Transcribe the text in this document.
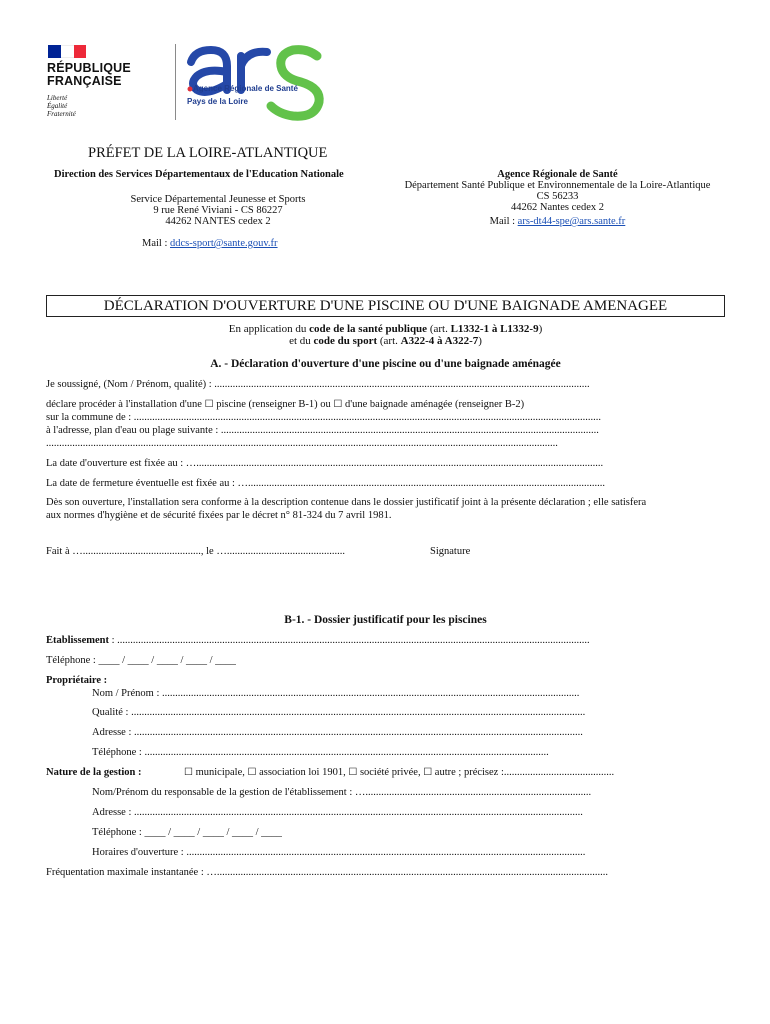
RÉPUBLIQUE
FRANÇAISE
Liberté
Égalité
Fraternité
Agence Régionale de Santé
Pays de la Loire
PRÉFET DE LA LOIRE-ATLANTIQUE
Direction des Services Départementaux de l'Education Nationale
Service Départemental Jeunesse et Sports
9 rue René Viviani - CS 86227
44262 NANTES cedex 2
Mail : ddcs-sport@sante.gouv.fr
Agence Régionale de Santé
Département Santé Publique et Environnementale de la Loire-Atlantique
CS 56233
44262 Nantes cedex 2
Mail : ars-dt44-spe@ars.sante.fr
DÉCLARATION D'OUVERTURE D'UNE PISCINE OU D'UNE BAIGNADE AMENAGEE
En application du code de la santé publique (art. L1332-1 à L1332-9)
et du code du sport (art. A322-4 à A322-7)
A. - Déclaration d'ouverture d'une piscine ou d'une baignade aménagée
Je soussigné, (Nom / Prénom, qualité) : ...............................................................................................................................................
déclare procéder à l'installation d'une ☐ piscine (renseigner B-1) ou ☐ d'une baignade aménagée (renseigner B-2)
sur la commune de : ..................................................................................................................................................................................
à l'adresse, plan d'eau ou plage suivante : ................................................................................................................................................
...................................................................................................................................................................................................
La date d'ouverture est fixée au : …...........................................................................................................................................................
La date de fermeture éventuelle est fixée au : …........................................................................................................................................
Dès son ouverture, l'installation sera conforme à la description contenue dans le dossier justificatif joint à la présente déclaration ; elle satisfera
aux normes d'hygiène et de sécurité fixées par le décret n° 81-324 du 7 avril 1981.
Fait à …............................................., le ….............................................	Signature
B-1. - Dossier justificatif pour les piscines
Établissement : ....................................................................................................................................................................................
Téléphone : ____ / ____ / ____ / ____ / ____
Propriétaire :
Nom / Prénom : ...............................................................................................................................................................
Qualité : .............................................................................................................................................................................
Adresse : ...........................................................................................................................................................................
Téléphone : ..........................................................................................................................................................
Nature de la gestion :	☐ municipale, ☐ association loi 1901, ☐ société privée, ☐ autre ; précisez :..........................................
Nom/Prénom du responsable de la gestion de l'établissement : …......................................................................................
Adresse : ...........................................................................................................................................................................
Téléphone : ____ / ____ / ____ / ____ / ____
Horaires d'ouverture : ........................................................................................................................................................
Fréquentation maximale instantanée : ….....................................................................................................................................................
